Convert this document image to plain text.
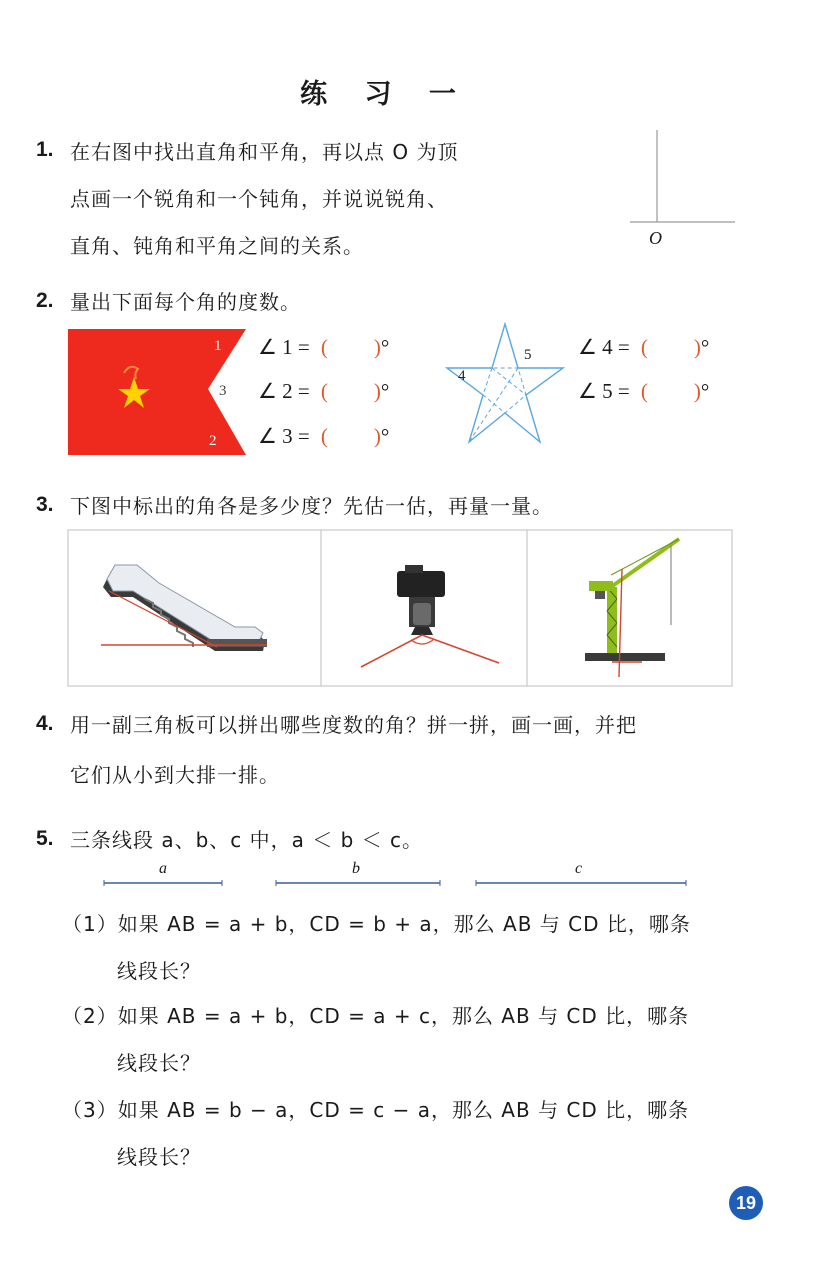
练 习 一
1. 在右图中找出直角和平角，再以点 O 为顶
点画一个锐角和一个钝角，并说说锐角、
直角、钝角和平角之间的关系。	O
2. 量出下面每个角的度数。
1
3
2
∠ 1 = ( )°
∠ 2 = ( )°
∠ 3 = ( )°
4
5 ∠ 4 = ( )°
∠ 5 = ( )°
3. 下图中标出的角各是多少度？先估一估，再量一量。
4. 用一副三角板可以拼出哪些度数的角？拼一拼，画一画，并把
它们从小到大排一排。
5. 三条线段 a、b、c 中，a ＜ b ＜ c。
a	b	c
（1）如果 AB = a + b，CD = b + a，那么 AB 与 CD 比，哪条
线段长？
（2）如果 AB = a + b，CD = a + c，那么 AB 与 CD 比，哪条
线段长？
（3）如果 AB = b − a，CD = c − a，那么 AB 与 CD 比，哪条
线段长？
19
